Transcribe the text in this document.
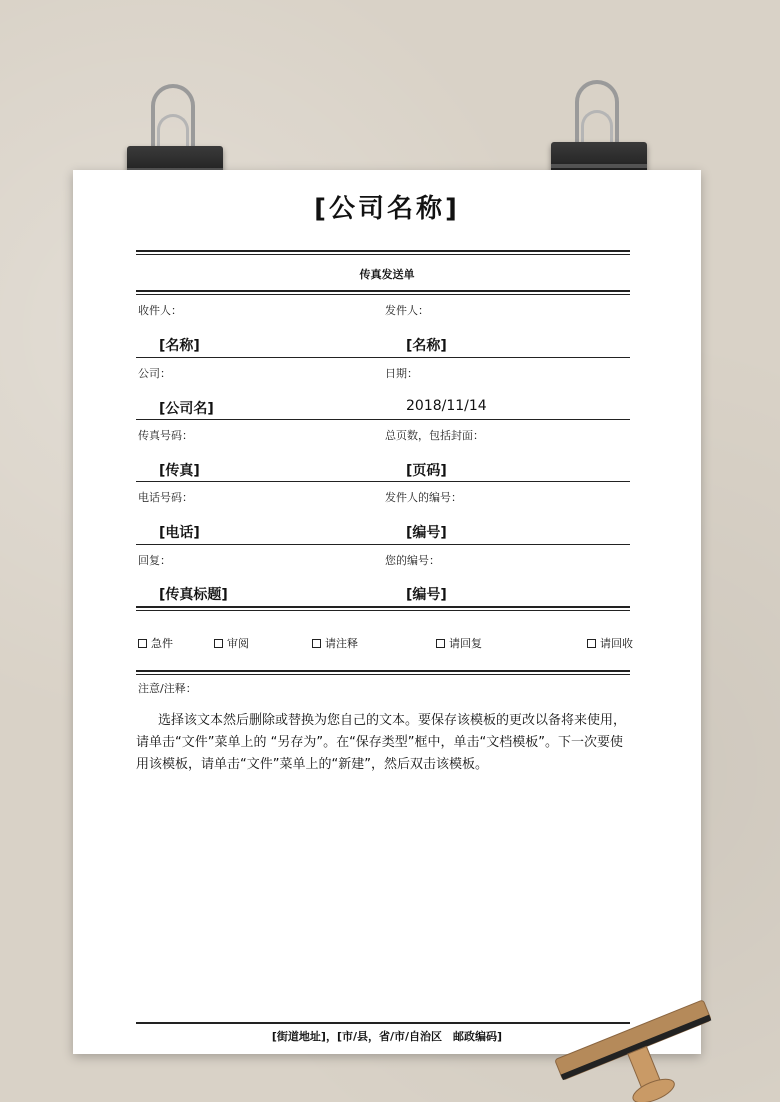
[公司名称]
传真发送单
收件人：	发件人：
[名称]	[名称]
公司：	日期：
[公司名]	2018/11/14
传真号码：	总页数，包括封面：
[传真]	[页码]
电话号码：	发件人的编号：
[电话]	[编号]
回复：	您的编号：
[传真标题]	[编号]
急件	审阅	请注释	请回复	请回收
注意/注释：
选择该文本然后删除或替换为您自己的文本。要保存该模板的更改以备将来使用，请单击“文件”菜单上的 “另存为”。在“保存类型”框中，单击“文档模板”。下一次要使用该模板，请单击“文件”菜单上的“新建”，然后双击该模板。
[街道地址]，[市/县，省/市/自治区　邮政编码]
